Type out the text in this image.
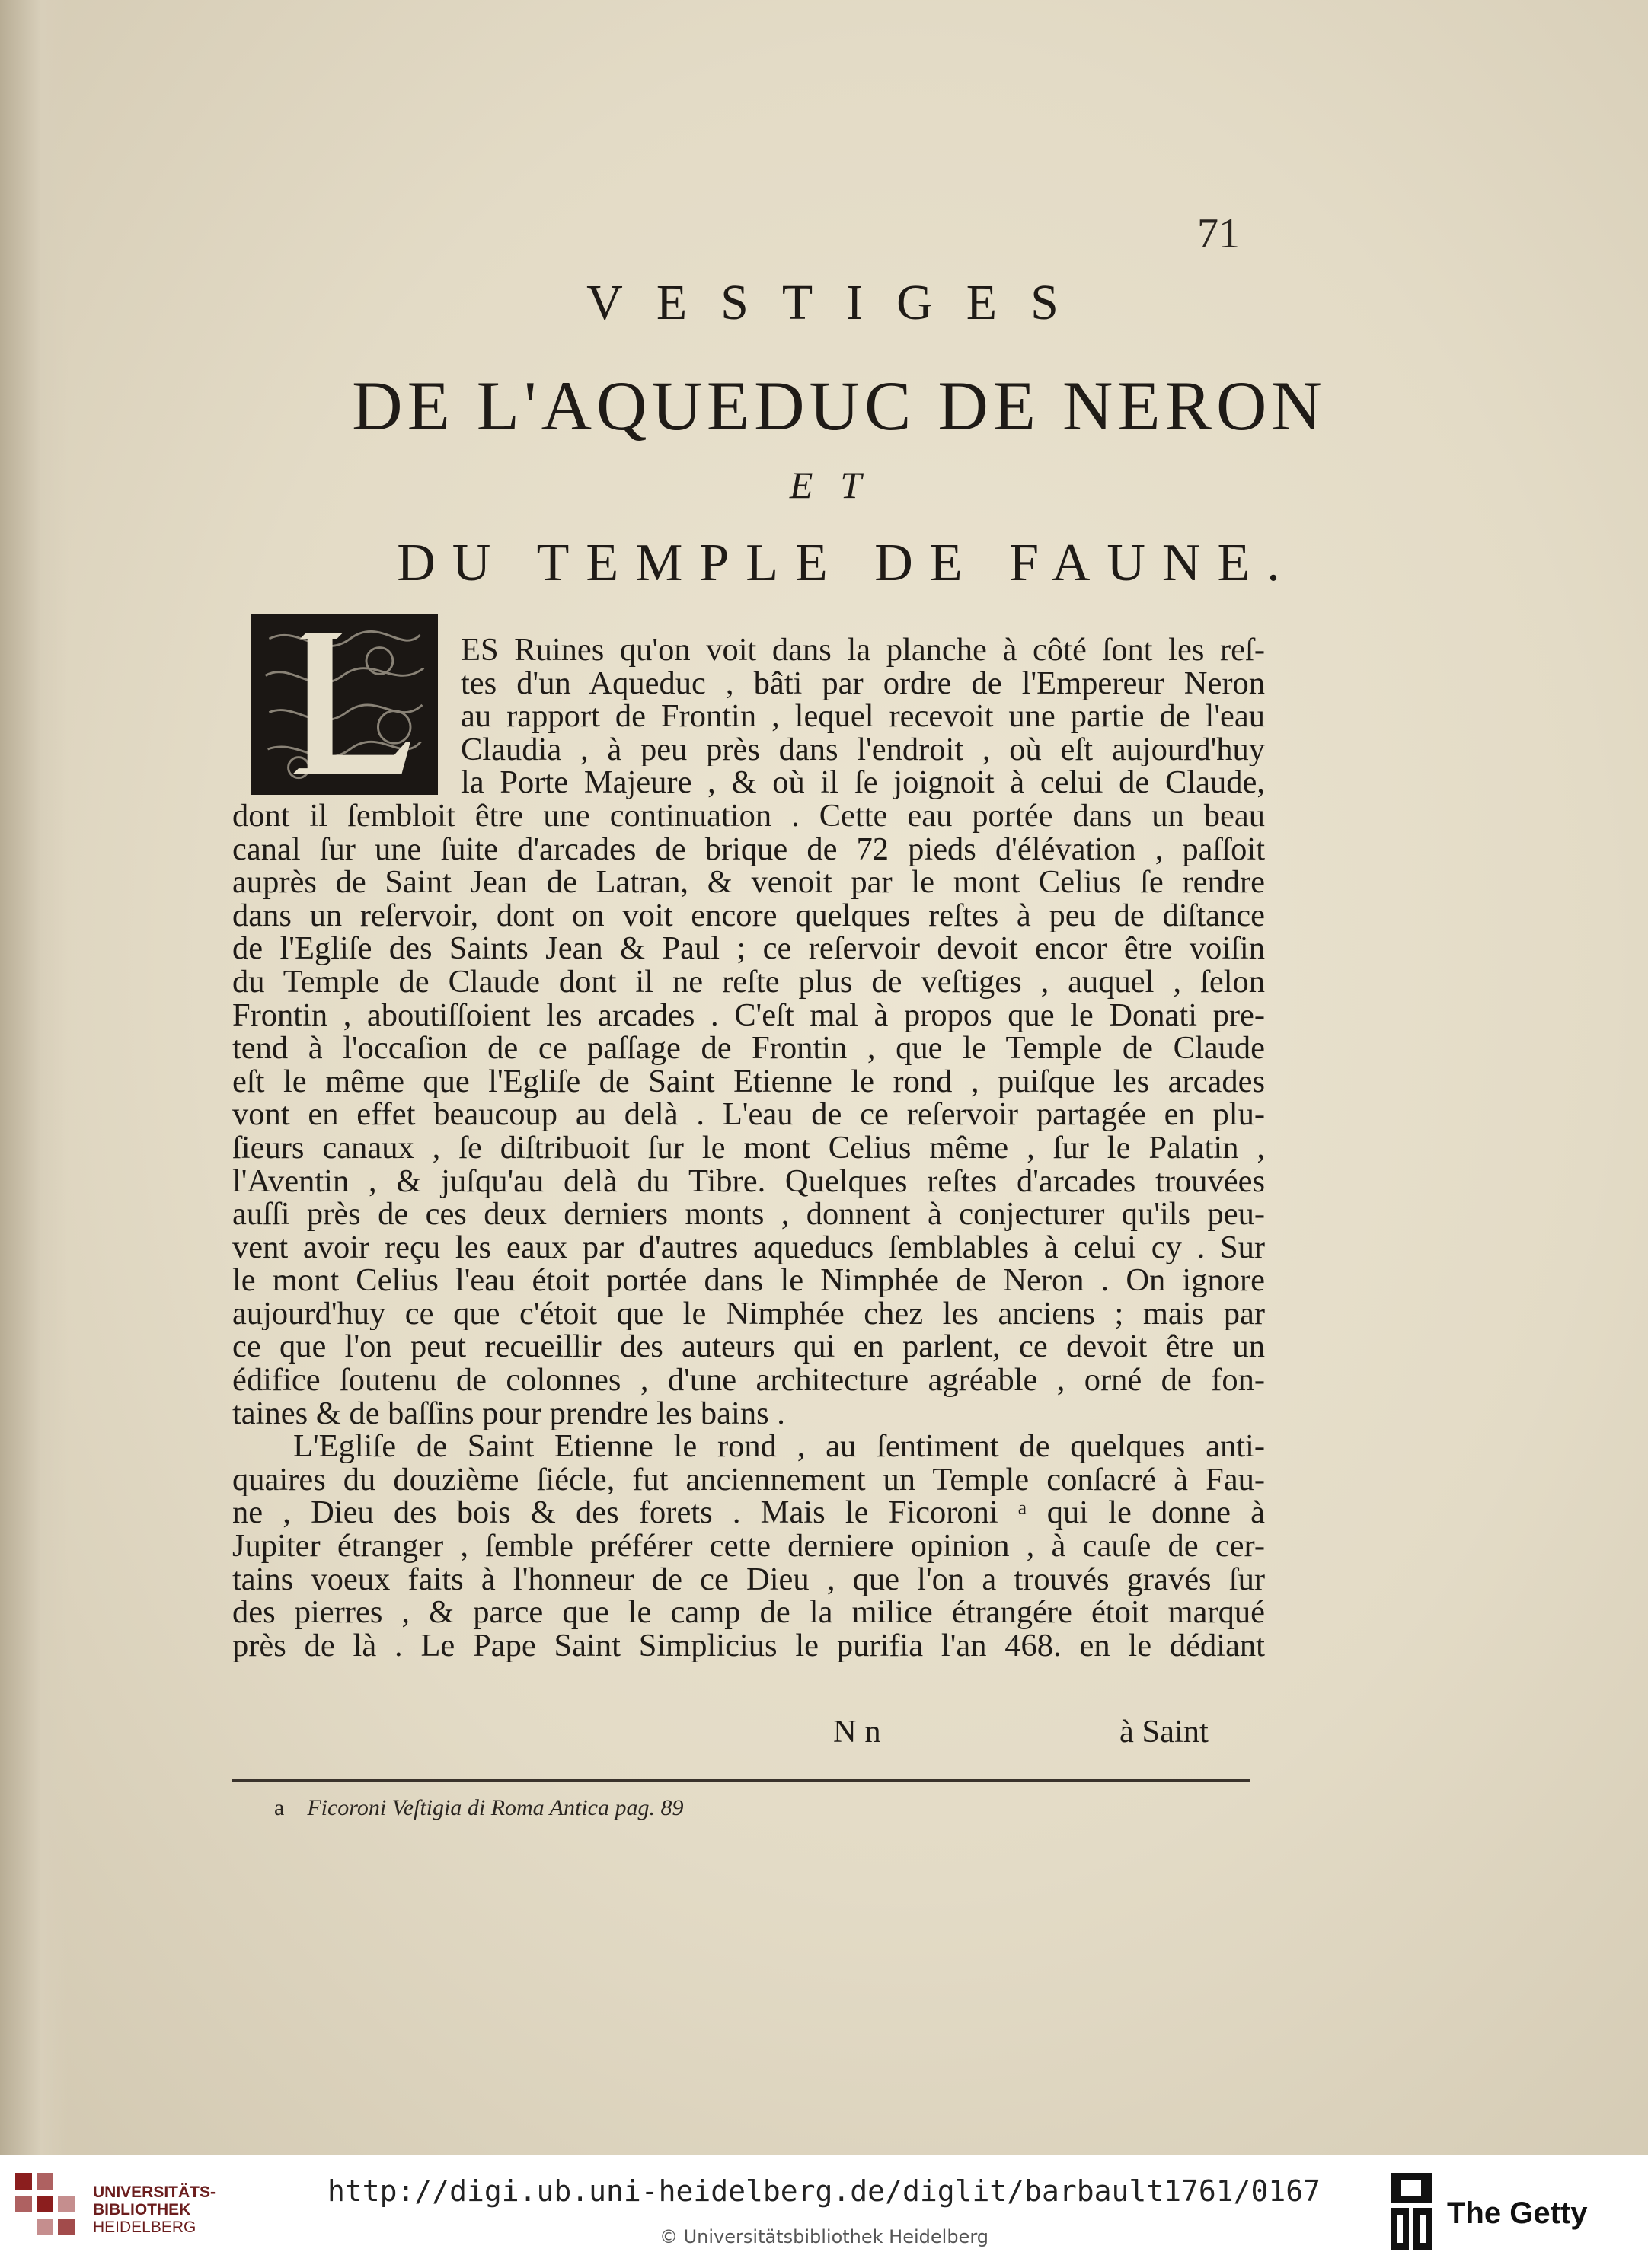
71
VESTIGES
DE L'AQUEDUC DE NERON
ET
DU TEMPLE DE FAUNE.
ES Ruines qu'on voit dans la planche à côté ſont les reſ-
tes d'un Aqueduc , bâti par ordre de l'Empereur Neron
au rapport de Frontin , lequel recevoit une partie de l'eau
Claudia , à peu près dans l'endroit , où eſt aujourd'huy
la Porte Majeure , & où il ſe joignoit à celui de Claude,
dont il ſembloit être une continuation . Cette eau portée dans un beau
canal ſur une ſuite d'arcades de brique de 72 pieds d'élévation , paſſoit
auprès de Saint Jean de Latran, & venoit par le mont Celius ſe rendre
dans un reſervoir, dont on voit encore quelques reſtes à peu de diſtance
de l'Egliſe des Saints Jean & Paul ; ce reſervoir devoit encor être voiſin
du Temple de Claude dont il ne reſte plus de veſtiges , auquel , ſelon
Frontin , aboutiſſoient les arcades . C'eſt mal à propos que le Donati pre-
tend à l'occaſion de ce paſſage de Frontin , que le Temple de Claude
eſt le même que l'Egliſe de Saint Etienne le rond , puiſque les arcades
vont en effet beaucoup au delà . L'eau de ce reſervoir partagée en plu-
ſieurs canaux , ſe diſtribuoit ſur le mont Celius même , ſur le Palatin ,
l'Aventin , & juſqu'au delà du Tibre. Quelques reſtes d'arcades trouvées
auſſi près de ces deux derniers monts , donnent à conjecturer qu'ils peu-
vent avoir reçu les eaux par d'autres aqueducs ſemblables à celui cy . Sur
le mont Celius l'eau étoit portée dans le Nimphée de Neron . On ignore
aujourd'huy ce que c'étoit que le Nimphée chez les anciens ; mais par
ce que l'on peut recueillir des auteurs qui en parlent, ce devoit être un
édifice ſoutenu de colonnes , d'une architecture agréable , orné de fon-
taines & de baſſins pour prendre les bains .
L'Egliſe de Saint Etienne le rond , au ſentiment de quelques anti-
quaires du douzième ſiécle, fut anciennement un Temple conſacré à Fau-
ne , Dieu des bois & des forets . Mais le Ficoroni ᵃ qui le donne à
Jupiter étranger , ſemble préférer cette derniere opinion , à cauſe de cer-
tains voeux faits à l'honneur de ce Dieu , que l'on a trouvés gravés ſur
des pierres , & parce que le camp de la milice étrangére étoit marqué
près de là . Le Pape Saint Simplicius le purifia l'an 468. en le dédiant
N n	à Saint
a Ficoroni Veſtigia di Roma Antica pag. 89
UNIVERSITÄTS-
BIBLIOTHEK
HEIDELBERG
http://digi.ub.uni-heidelberg.de/diglit/barbault1761/0167
© Universitätsbibliothek Heidelberg
The Getty
